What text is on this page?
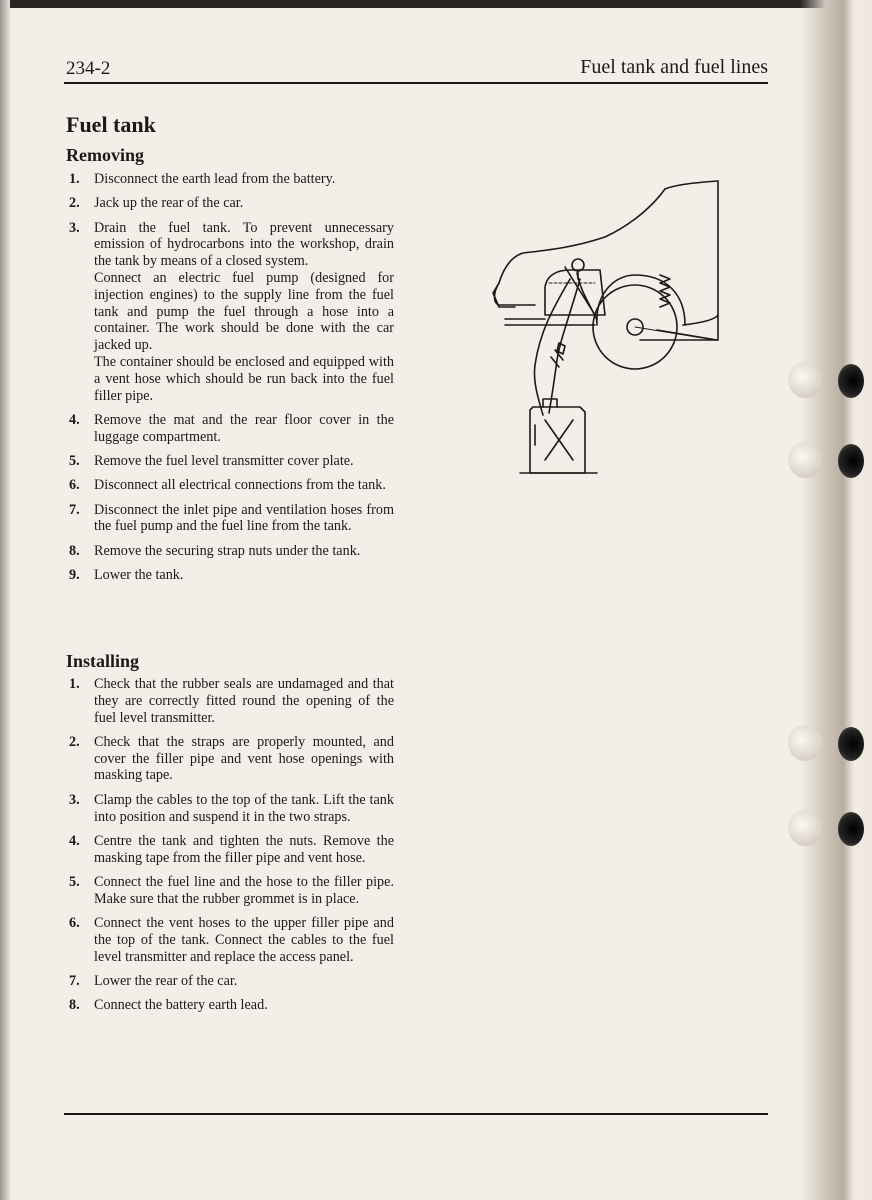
234-2	Fuel tank and fuel lines
Fuel tank
Removing
1. Disconnect the earth lead from the battery.
2. Jack up the rear of the car.
3. Drain the fuel tank. To prevent unnecessary emission of hydrocarbons into the workshop, drain the tank by means of a closed system.
Connect an electric fuel pump (designed for injection engines) to the supply line from the fuel tank and pump the fuel through a hose into a container. The work should be done with the car jacked up.
The container should be enclosed and equipped with a vent hose which should be run back into the fuel filler pipe.
4. Remove the mat and the rear floor cover in the luggage compartment.
5. Remove the fuel level transmitter cover plate.
6. Disconnect all electrical connections from the tank.
7. Disconnect the inlet pipe and ventilation hoses from the fuel pump and the fuel line from the tank.
8. Remove the securing strap nuts under the tank.
9. Lower the tank.
Installing
1. Check that the rubber seals are undamaged and that they are correctly fitted round the opening of the fuel level transmitter.
2. Check that the straps are properly mounted, and cover the filler pipe and vent hose openings with masking tape.
3. Clamp the cables to the top of the tank. Lift the tank into position and suspend it in the two straps.
4. Centre the tank and tighten the nuts. Remove the masking tape from the filler pipe and vent hose.
5. Connect the fuel line and the hose to the filler pipe. Make sure that the rubber grommet is in place.
6. Connect the vent hoses to the upper filler pipe and the top of the tank. Connect the cables to the fuel level transmitter and replace the access panel.
7. Lower the rear of the car.
8. Connect the battery earth lead.
